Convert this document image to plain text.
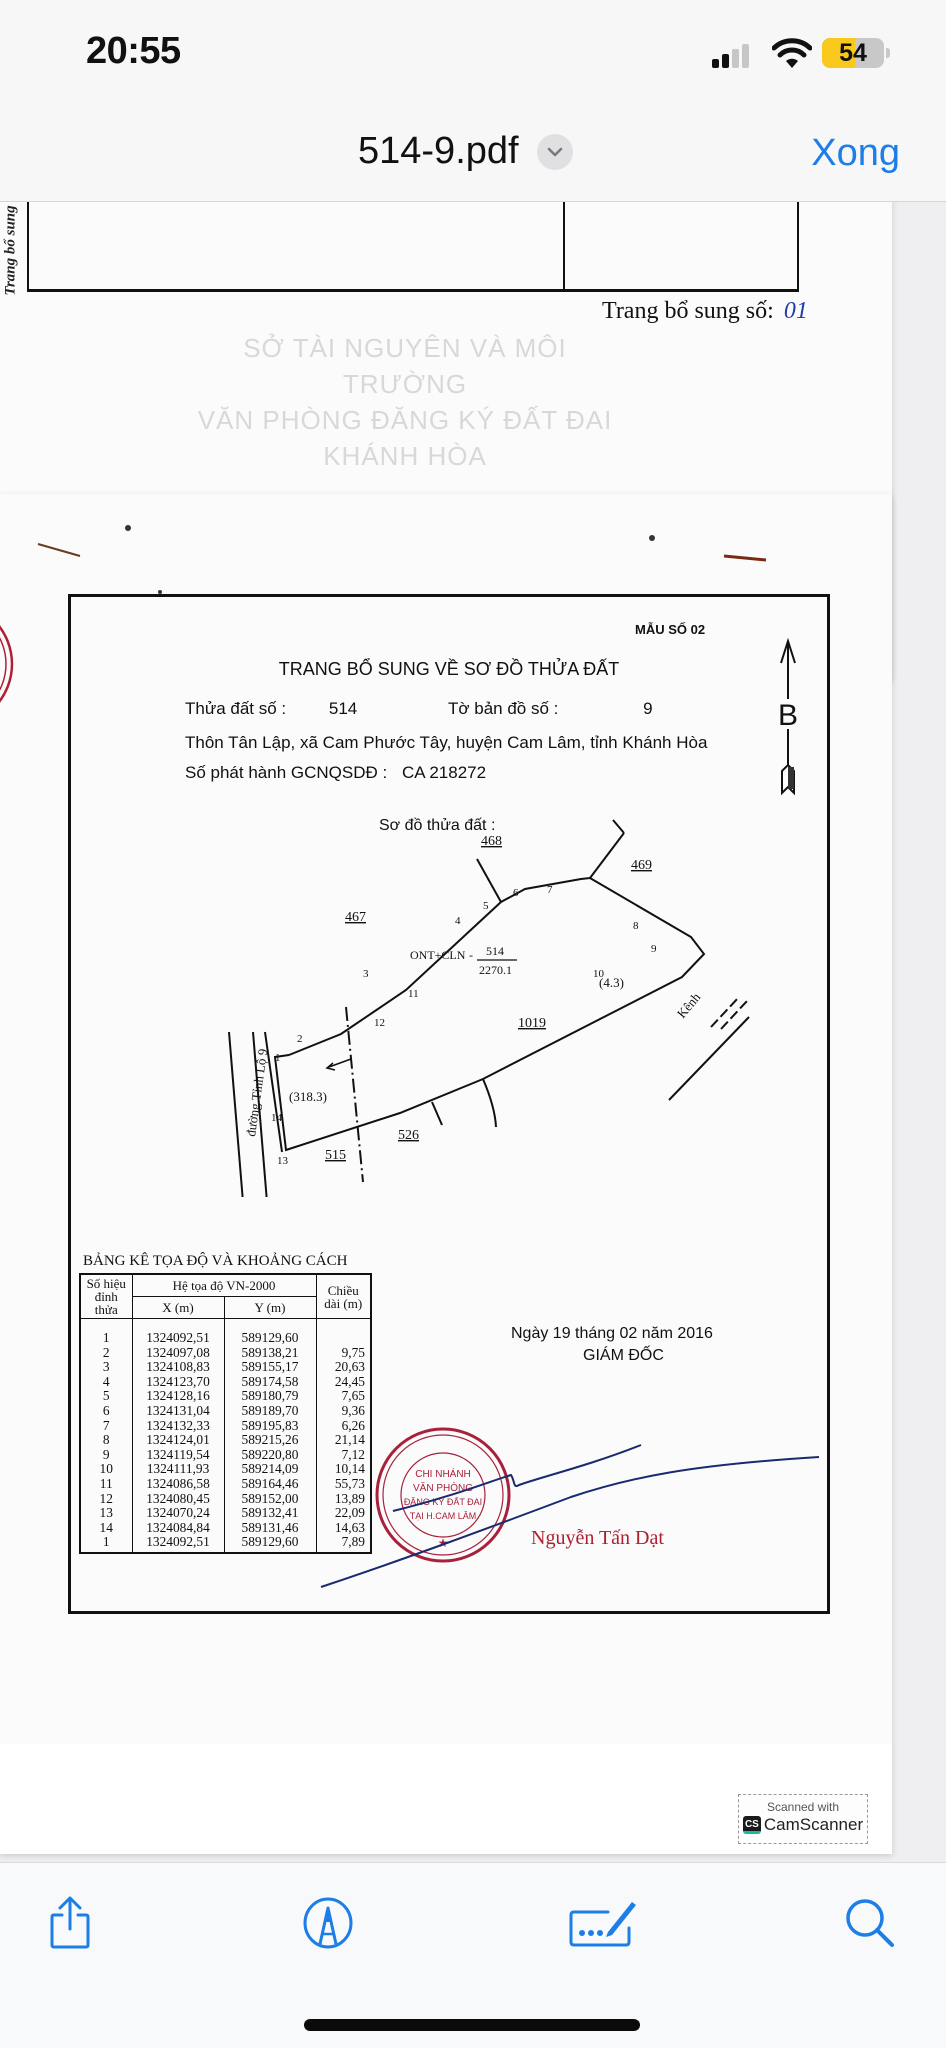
20:55	54
514-9.pdf	Xong
Trang bổ sung
Trang bổ sung số: 01
SỞ TÀI NGUYÊN VÀ MÔI TRƯỜNG
VĂN PHÒNG ĐĂNG KÝ ĐẤT ĐAI KHÁNH HÒA
MẪU SỐ 02
B
TRANG BỔ SUNG VỀ SƠ ĐỒ THỬA ĐẤT
Thửa đất số :	514	Tờ bản đồ số :	9
Thôn Tân Lập, xã Cam Phước Tây, huyện Cam Lâm, tỉnh Khánh Hòa
Số phát hành GCNQSDĐ : CA 218272
Sơ đồ thửa đất :
468
469
467
1019
526
515
ONT+CLN 514
2270.1
-
(318.3)
(4.3)
đường Tỉnh Lộ 9
Kênh
1
2
3
4
5
6	7
8
9
10
11
12
13
14
BẢNG KÊ TỌA ĐỘ VÀ KHOẢNG CÁCH
Số hiệu đỉnh thửa	Hệ tọa độ VN-2000		Chiều dài (m)
	X (m)	Y (m)	
1	1324092,51	589129,60	
2	1324097,08	589138,21	9,75
3	1324108,83	589155,17	20,63
4	1324123,70	589174,58	24,45
5	1324128,16	589180,79	7,65
6	1324131,04	589189,70	9,36
7	1324132,33	589195,83	6,26
8	1324124,01	589215,26	21,14
9	1324119,54	589220,80	7,12
10	1324111,93	589214,09	10,14
11	1324086,58	589164,46	55,73
12	1324080,45	589152,00	13,89
13	1324070,24	589132,41	22,09
14	1324084,84	589131,46	14,63
1	1324092,51	589129,60	7,89
Ngày 19 tháng 02 năm 2016
GIÁM ĐỐC
CHI NHÁNH
VĂN PHÒNG
ĐĂNG KÝ ĐẤT ĐAI
TẠI H.CAM LÂM
★	Nguyễn Tấn Dạt
Scanned with
CS CamScanner
